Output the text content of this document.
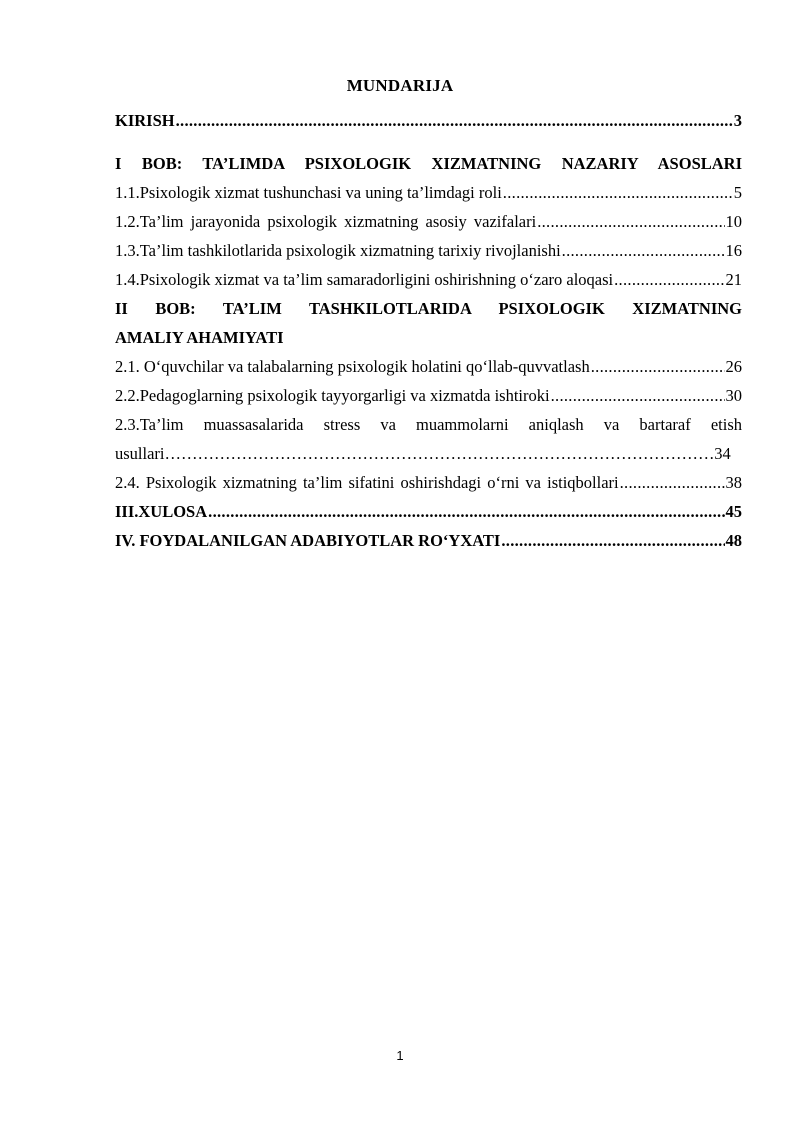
MUNDARIJA
KIRISH .....	3
I BOB: TA’LIMDA PSIXOLOGIK XIZMATNING NAZARIY ASOSLARI
1.1.Psixologik xizmat tushunchasi va uning ta’limdagi roli .....	5
1.2.Ta’lim jarayonida psixologik xizmatning asosiy vazifalari .....	10
1.3.Ta’lim tashkilotlarida psixologik xizmatning tarixiy rivojlanishi .....	16
1.4.Psixologik xizmat va ta’lim samaradorligini oshirishning o‘zaro aloqasi .....	21
II BOB: TA’LIM TASHKILOTLARIDA PSIXOLOGIK XIZMATNING
AMALIY AHAMIYATI
2.1. O‘quvchilar va talabalarning psixologik holatini qo‘llab-quvvatlash .....	26
2.2.Pedagoglarning psixologik tayyorgarligi va xizmatda ishtiroki .....	30
2.3.Ta’lim muassasalarida stress va muammolarni aniqlash va bartaraf etish
usullari ……………………………………………………………………………………………………………………………………………………………………………	34
2.4. Psixologik xizmatning ta’lim sifatini oshirishdagi o‘rni va istiqbollari .....	38
III.XULOSA .....	45
IV. FOYDALANILGAN ADABIYOTLAR RO‘YXATI .....	48
1
